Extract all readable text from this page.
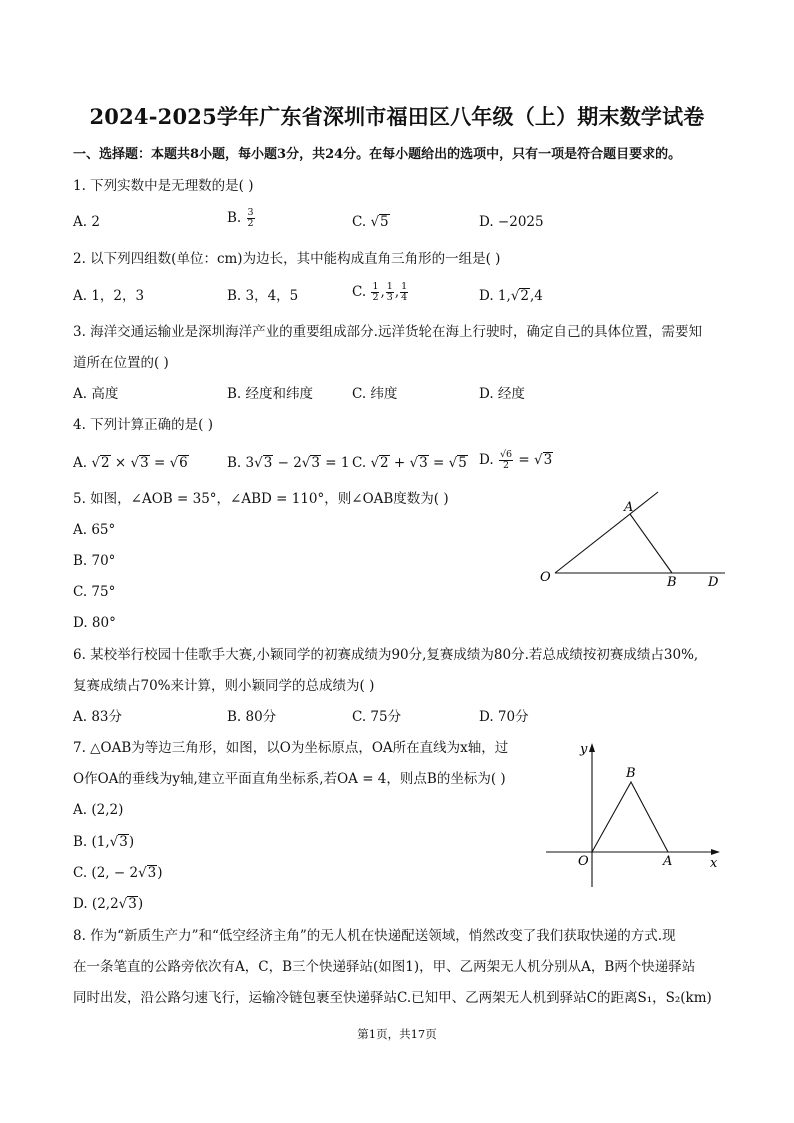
2024-2025学年广东省深圳市福田区八年级（上）期末数学试卷
一、选择题：本题共8小题，每小题3分，共24分。在每小题给出的选项中，只有一项是符合题目要求的。
1. 下列实数中是无理数的是( )
A. 2	B. $\frac{3}{2}$	C. √5	D. −2025
2. 以下列四组数(单位：cm)为边长，其中能构成直角三角形的一组是( )
A. 1，2，3	B. 3，4，5	C. $\frac{1}{2}$ , $\frac{1}{3}$ , $\frac{1}{4}$	D. 1,√2,4
3. 海洋交通运输业是深圳海洋产业的重要组成部分.远洋货轮在海上行驶时，确定自己的具体位置，需要知
道所在位置的( )
A. 高度	B. 经度和纬度	C. 纬度	D. 经度
4. 下列计算正确的是( )
A. √2 × √3 = √6	B. 3√3 − 2√3 = 1 C. √2 + √3 = √5 D. $\frac{√6}{2} = √3$
5. 如图，∠AOB = 35°，∠ABD = 110°，则∠OAB度数为( )
A. 65°
B. 70°
C. 75°
D. 80°
A
O	B D
6. 某校举行校园十佳歌手大赛,小颖同学的初赛成绩为90分,复赛成绩为80分.若总成绩按初赛成绩占30%,
复赛成绩占70%来计算，则小颖同学的总成绩为( )
A. 83分	B. 80分	C. 75分	D. 70分
7. △OAB为等边三角形，如图，以O为坐标原点，OA所在直线为x轴，过
O作OA的垂线为y轴,建立平面直角坐标系,若OA = 4，则点B的坐标为( )
A. (2,2)
B. (1,√3)
C. (2, − 2√3)
D. (2,2√3)
y
B
O	A	x
8. 作为“新质生产力”和“低空经济主角”的无人机在快递配送领域，悄然改变了我们获取快递的方式.现
在一条笔直的公路旁依次有A，C，B三个快递驿站(如图1)，甲、乙两架无人机分别从A，B两个快递驿站
同时出发，沿公路匀速飞行，运输冷链包裹至快递驿站C.已知甲、乙两架无人机到驿站C的距离S₁，S₂(km)
第1页，共17页
